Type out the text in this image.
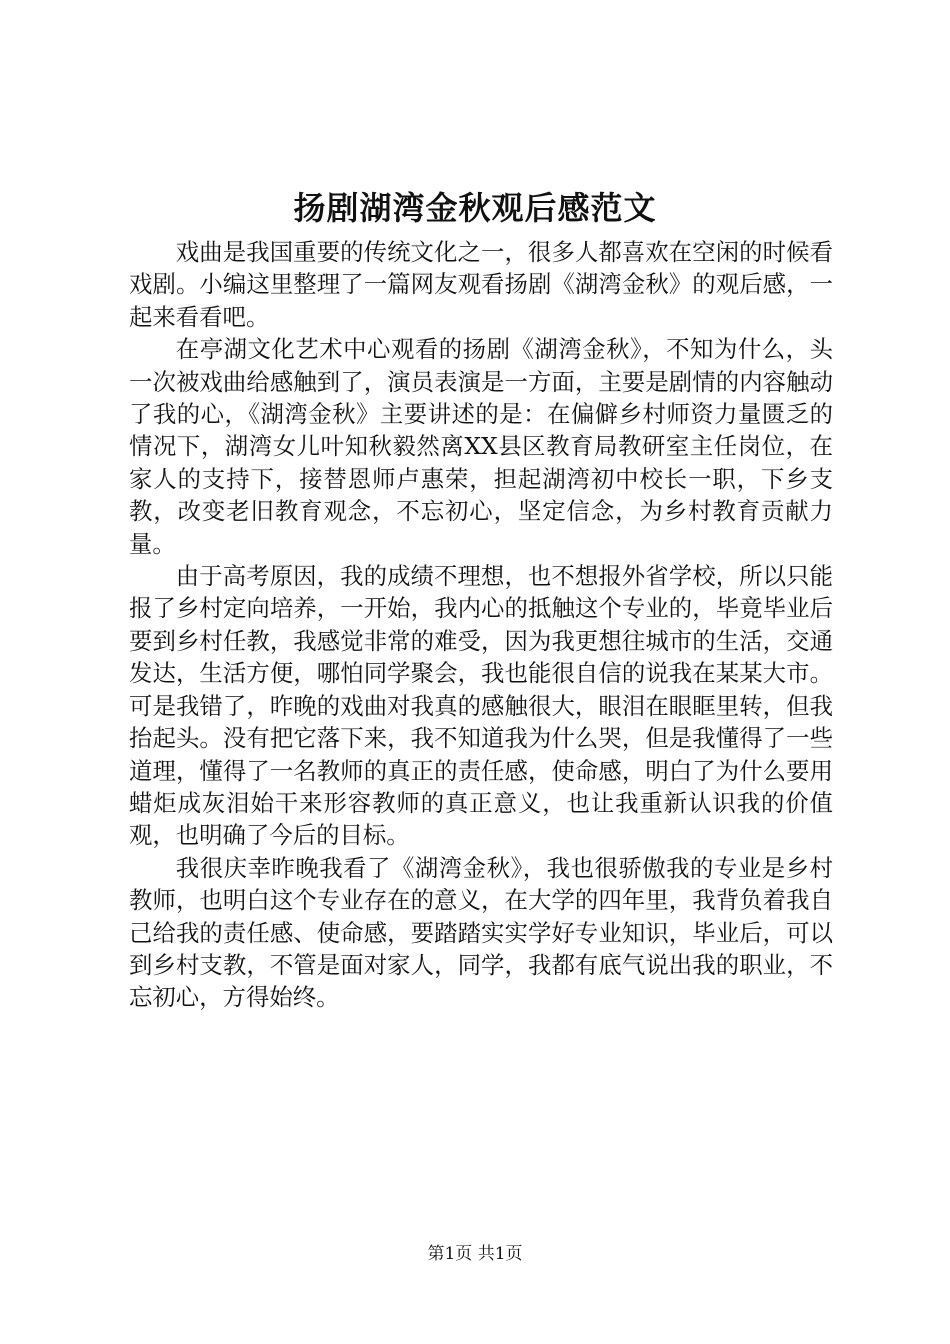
扬剧湖湾金秋观后感范文

戏曲是我国重要的传统文化之一，很多人都喜欢在空闲的时候看戏剧。小编这里整理了一篇网友观看扬剧《湖湾金秋》的观后感，一起来看看吧。

在亭湖文化艺术中心观看的扬剧《湖湾金秋》，不知为什么，头一次被戏曲给感触到了，演员表演是一方面，主要是剧情的内容触动了我的心，《湖湾金秋》主要讲述的是：在偏僻乡村师资力量匮乏的情况下，湖湾女儿叶知秋毅然离XX县区教育局教研室主任岗位，在家人的支持下，接替恩师卢惠荣，担起湖湾初中校长一职，下乡支教，改变老旧教育观念，不忘初心，坚定信念，为乡村教育贡献力量。

由于高考原因，我的成绩不理想，也不想报外省学校，所以只能报了乡村定向培养，一开始，我内心的抵触这个专业的，毕竟毕业后要到乡村任教，我感觉非常的难受，因为我更想往城市的生活，交通发达，生活方便，哪怕同学聚会，我也能很自信的说我在某某大市。可是我错了，昨晚的戏曲对我真的感触很大，眼泪在眼眶里转，但我抬起头。没有把它落下来，我不知道我为什么哭，但是我懂得了一些道理，懂得了一名教师的真正的责任感，使命感，明白了为什么要用蜡炬成灰泪始干来形容教师的真正意义，也让我重新认识我的价值观，也明确了今后的目标。

我很庆幸昨晚我看了《湖湾金秋》，我也很骄傲我的专业是乡村教师，也明白这个专业存在的意义，在大学的四年里，我背负着我自己给我的责任感、使命感，要踏踏实实学好专业知识，毕业后，可以到乡村支教，不管是面对家人，同学，我都有底气说出我的职业，不忘初心，方得始终。

第1页 共1页
